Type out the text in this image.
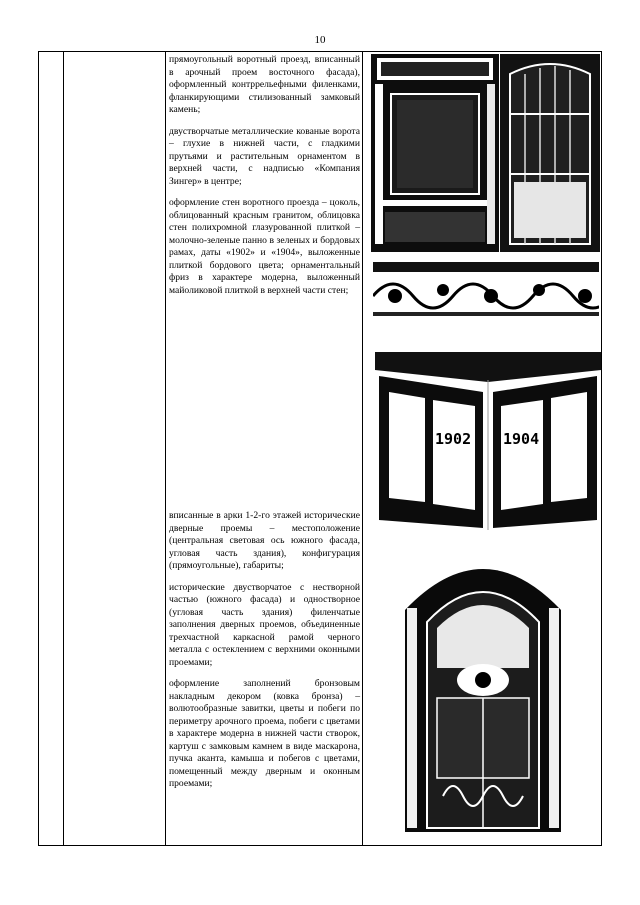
10

прямоугольный воротный проезд, вписанный в арочный проем восточного фасада), оформленный контррельефными филенками, фланкирующими стилизованный замковый камень;

двустворчатые металлические кованые ворота – глухие в нижней части, с гладкими прутьями и растительным орнаментом в верхней части, с надписью «Компания Зингер» в центре;

оформление стен воротного проезда – цоколь, облицованный красным гранитом, облицовка стен полихромной глазурованной плиткой – молочно-зеленые панно в зеленых и бордовых рамах, даты «1902» и «1904», выложенные плиткой бордового цвета; орнаментальный фриз в характере модерна, выложенный майоликовой плиткой в верхней части стен;

вписанные в арки 1-2-го этажей исторические дверные проемы – местоположение (центральная световая ось южного фасада, угловая часть здания), конфигурация (прямоугольные), габариты;

исторические двустворчатое с нестворной частью (южного фасада) и одностворное (угловая часть здания) филенчатые заполнения дверных проемов, объединенные трехчастной каркасной рамой черного металла с остеклением с верхними оконными проемами;

оформление заполнений бронзовым накладным декором (ковка бронза) – волютообразные завитки, цветы и побеги по периметру арочного проема, побеги с цветами в характере модерна в нижней части створок, картуш с замковым камнем в виде маскарона, пучка аканта, камыша и побегов с цветами, помещенный между дверным и оконным проемами;

1902 1904
